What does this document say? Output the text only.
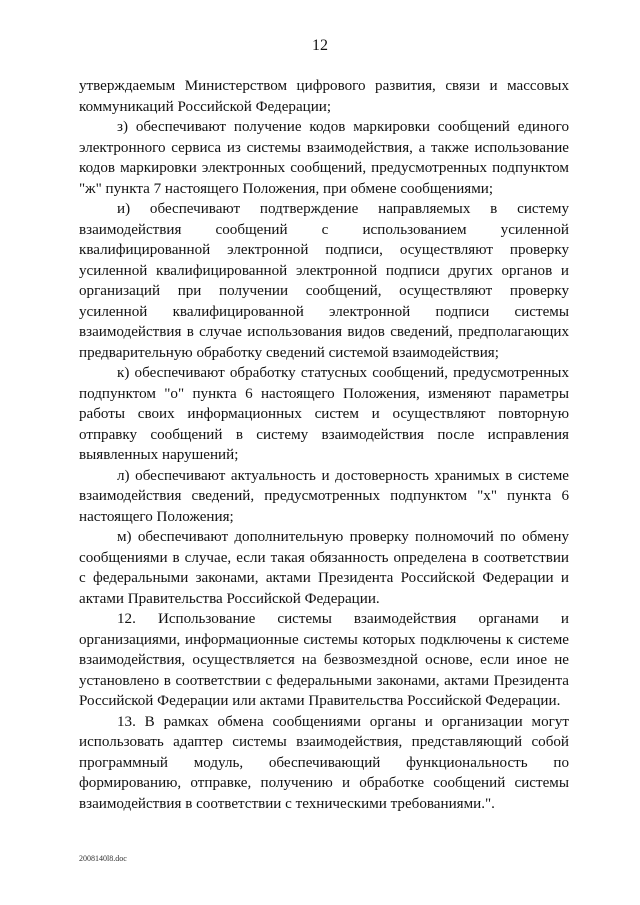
12

утверждаемым Министерством цифрового развития, связи и массовых коммуникаций Российской Федерации;

з) обеспечивают получение кодов маркировки сообщений единого электронного сервиса из системы взаимодействия, а также использование кодов маркировки электронных сообщений, предусмотренных подпунктом "ж" пункта 7 настоящего Положения, при обмене сообщениями;

и) обеспечивают подтверждение направляемых в систему взаимодействия сообщений с использованием усиленной квалифицированной электронной подписи, осуществляют проверку усиленной квалифицированной электронной подписи других органов и организаций при получении сообщений, осуществляют проверку усиленной квалифицированной электронной подписи системы взаимодействия в случае использования видов сведений, предполагающих предварительную обработку сведений системой взаимодействия;

к) обеспечивают обработку статусных сообщений, предусмотренных подпунктом "о" пункта 6 настоящего Положения, изменяют параметры работы своих информационных систем и осуществляют повторную отправку сообщений в систему взаимодействия после исправления выявленных нарушений;

л) обеспечивают актуальность и достоверность хранимых в системе взаимодействия сведений, предусмотренных подпунктом "х" пункта 6 настоящего Положения;

м) обеспечивают дополнительную проверку полномочий по обмену сообщениями в случае, если такая обязанность определена в соответствии с федеральными законами, актами Президента Российской Федерации и актами Правительства Российской Федерации.

12. Использование системы взаимодействия органами и организациями, информационные системы которых подключены к системе взаимодействия, осуществляется на безвозмездной основе, если иное не установлено в соответствии с федеральными законами, актами Президента Российской Федерации или актами Правительства Российской Федерации.

13. В рамках обмена сообщениями органы и организации могут использовать адаптер системы взаимодействия, представляющий собой программный модуль, обеспечивающий функциональность по формированию, отправке, получению и обработке сообщений системы взаимодействия в соответствии с техническими требованиями.".

2008140l8.doc
